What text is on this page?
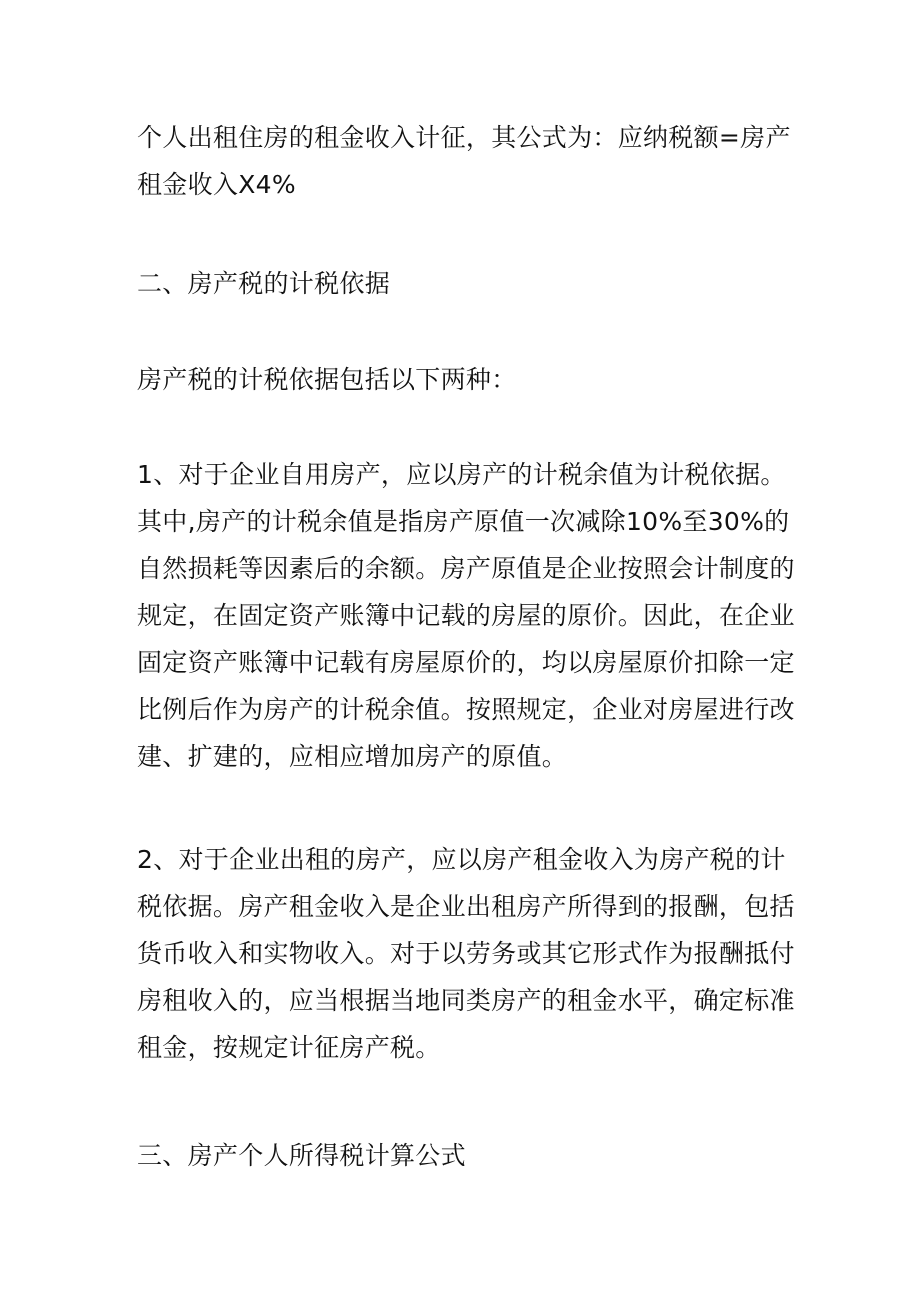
个人出租住房的租金收入计征，其公式为：应纳税额=房产租金收入X4%

二、房产税的计税依据

房产税的计税依据包括以下两种：

1、对于企业自用房产，应以房产的计税余值为计税依据。其中,房产的计税余值是指房产原值一次减除10%至30%的自然损耗等因素后的余额。房产原值是企业按照会计制度的规定，在固定资产账簿中记载的房屋的原价。因此，在企业固定资产账簿中记载有房屋原价的，均以房屋原价扣除一定比例后作为房产的计税余值。按照规定，企业对房屋进行改建、扩建的，应相应增加房产的原值。

2、对于企业出租的房产，应以房产租金收入为房产税的计税依据。房产租金收入是企业出租房产所得到的报酬，包括货币收入和实物收入。对于以劳务或其它形式作为报酬抵付房租收入的，应当根据当地同类房产的租金水平，确定标准租金，按规定计征房产税。

三、房产个人所得税计算公式
